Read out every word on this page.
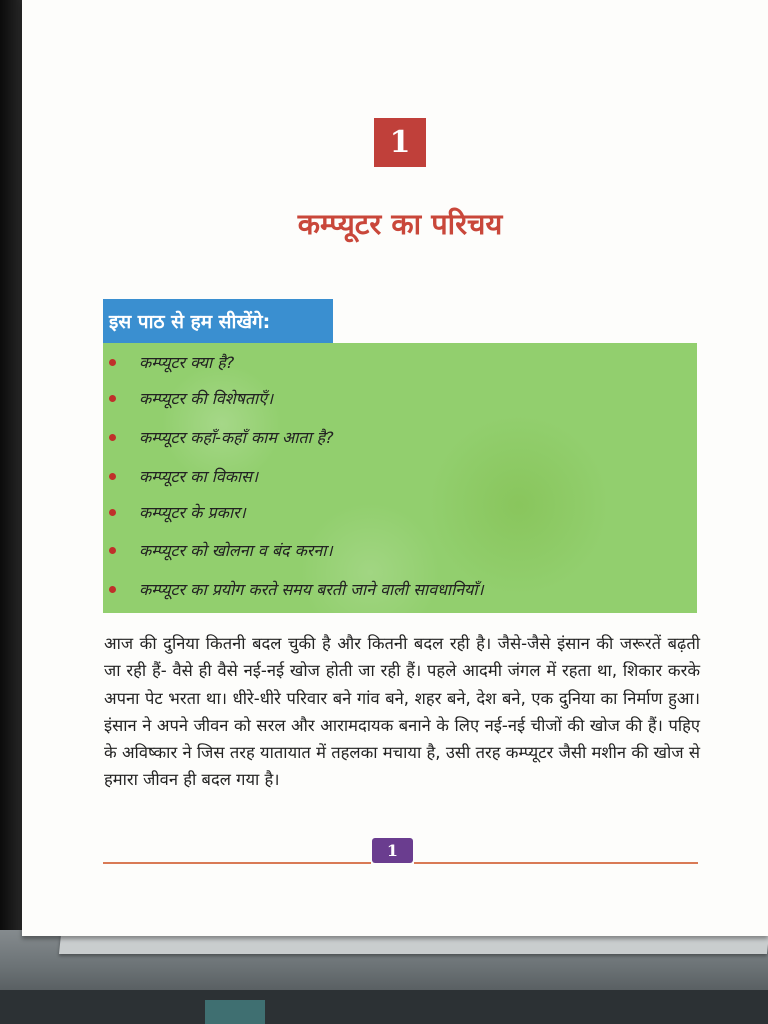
1
कम्प्यूटर का परिचय
इस पाठ से हम सीखेंगे:
कम्प्यूटर क्या है?
कम्प्यूटर की विशेषताएँ।
कम्प्यूटर कहाँ-कहाँ काम आता है?
कम्प्यूटर का विकास।
कम्प्यूटर के प्रकार।
कम्प्यूटर को खोलना व बंद करना।
कम्प्यूटर का प्रयोग करते समय बरती जाने वाली सावधानियाँ।

आज की दुनिया कितनी बदल चुकी है और कितनी बदल रही है। जैसे-जैसे इंसान की जरूरतें बढ़ती जा रही हैं- वैसे ही वैसे नई-नई खोज होती जा रही हैं। पहले आदमी जंगल में रहता था, शिकार करके अपना पेट भरता था। धीरे-धीरे परिवार बने गांव बने, शहर बने, देश बने, एक दुनिया का निर्माण हुआ। इंसान ने अपने जीवन को सरल और आरामदायक बनाने के लिए नई-नई चीजों की खोज की हैं। पहिए के अविष्कार ने जिस तरह यातायात में तहलका मचाया है, उसी तरह कम्प्यूटर जैसी मशीन की खोज से हमारा जीवन ही बदल गया है।

1
